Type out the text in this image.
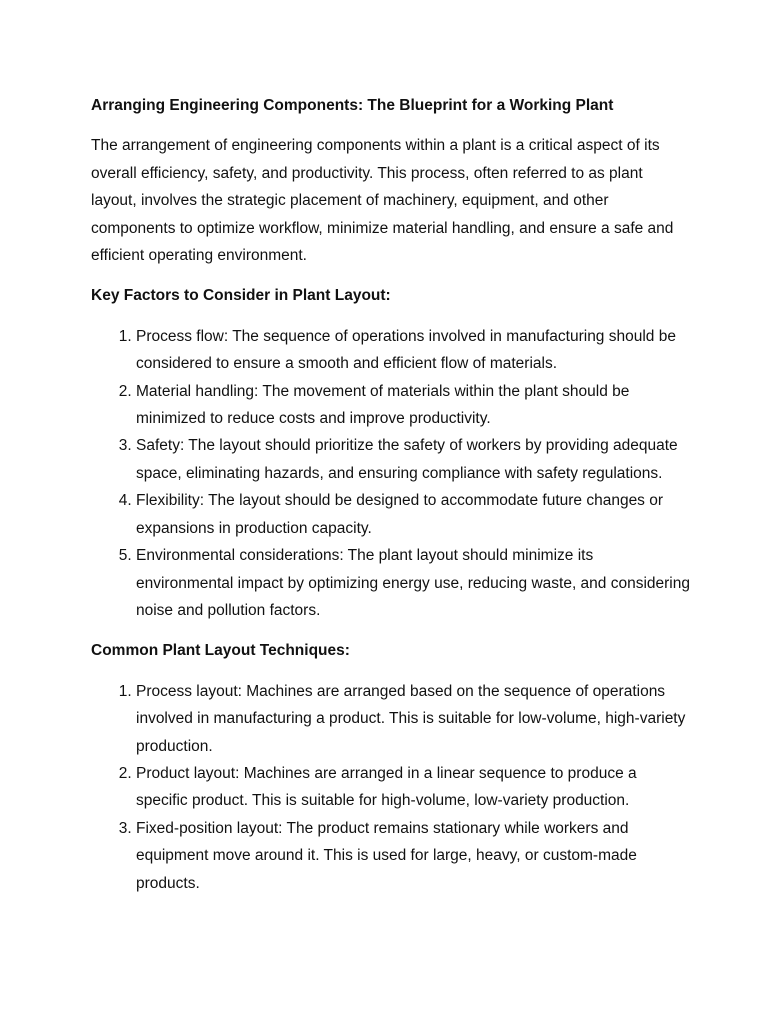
Arranging Engineering Components: The Blueprint for a Working Plant
The arrangement of engineering components within a plant is a critical aspect of its overall efficiency, safety, and productivity. This process, often referred to as plant layout, involves the strategic placement of machinery, equipment, and other components to optimize workflow, minimize material handling, and ensure a safe and efficient operating environment.
Key Factors to Consider in Plant Layout:
1. Process flow: The sequence of operations involved in manufacturing should be considered to ensure a smooth and efficient flow of materials.
2. Material handling: The movement of materials within the plant should be minimized to reduce costs and improve productivity.
3. Safety: The layout should prioritize the safety of workers by providing adequate space, eliminating hazards, and ensuring compliance with safety regulations.
4. Flexibility: The layout should be designed to accommodate future changes or expansions in production capacity.
5. Environmental considerations: The plant layout should minimize its environmental impact by optimizing energy use, reducing waste, and considering noise and pollution factors.
Common Plant Layout Techniques:
1. Process layout: Machines are arranged based on the sequence of operations involved in manufacturing a product. This is suitable for low-volume, high-variety production.
2. Product layout: Machines are arranged in a linear sequence to produce a specific product. This is suitable for high-volume, low-variety production.
3. Fixed-position layout: The product remains stationary while workers and equipment move around it. This is used for large, heavy, or custom-made products.
